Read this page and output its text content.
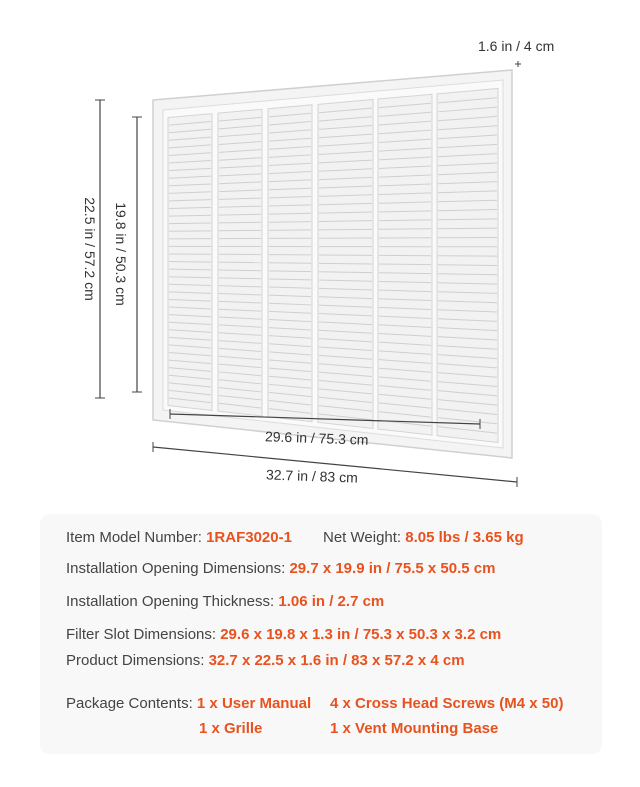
1.6 in / 4 cm
22.5 in / 57.2 cm 19.8 in / 50.3 cm
29.6 in / 75.3 cm
32.7 in / 83 cm
Item Model Number: 1RAF3020-1 Net Weight: 8.05 lbs / 3.65 kg
Installation Opening Dimensions: 29.7 x 19.9 in / 75.5 x 50.5 cm
Installation Opening Thickness: 1.06 in / 2.7 cm
Filter Slot Dimensions: 29.6 x 19.8 x 1.3 in / 75.3 x 50.3 x 3.2 cm
Product Dimensions: 32.7 x 22.5 x 1.6 in / 83 x 57.2 x 4 cm
Package Contents: 1 x User Manual 4 x Cross Head Screws (M4 x 50)
1 x Grille	1 x Vent Mounting Base
